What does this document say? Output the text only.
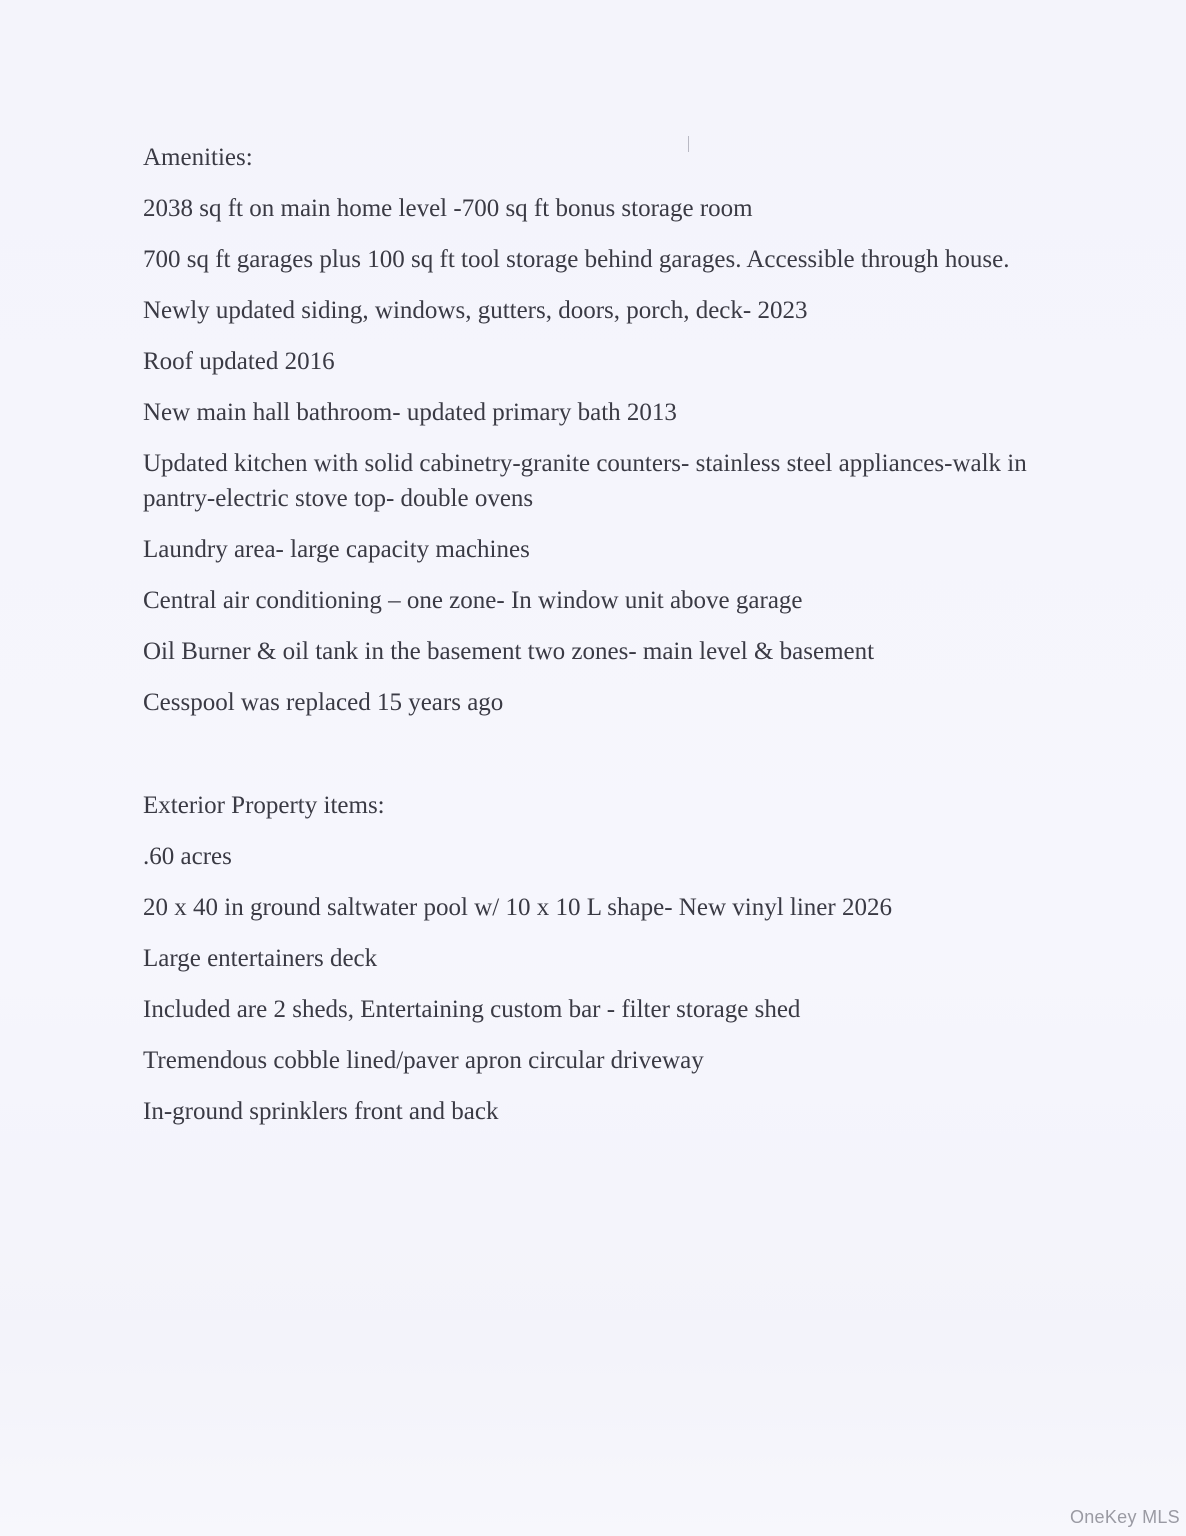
Amenities:

2038 sq ft on main home level -700 sq ft bonus storage room

700 sq ft garages plus 100 sq ft tool storage behind garages. Accessible through house.

Newly updated siding, windows, gutters, doors, porch, deck- 2023

Roof updated 2016

New main hall bathroom- updated primary bath 2013

Updated kitchen with solid cabinetry-granite counters- stainless steel appliances-walk in pantry-electric stove top- double ovens

Laundry area- large capacity machines

Central air conditioning – one zone- In window unit above garage

Oil Burner & oil tank in the basement two zones- main level & basement

Cesspool was replaced 15 years ago

Exterior Property items:

.60 acres

20 x 40 in ground saltwater pool w/ 10 x 10 L shape- New vinyl liner 2026

Large entertainers deck

Included are 2 sheds, Entertaining custom bar - filter storage shed

Tremendous cobble lined/paver apron circular driveway

In-ground sprinklers front and back

OneKey MLS
